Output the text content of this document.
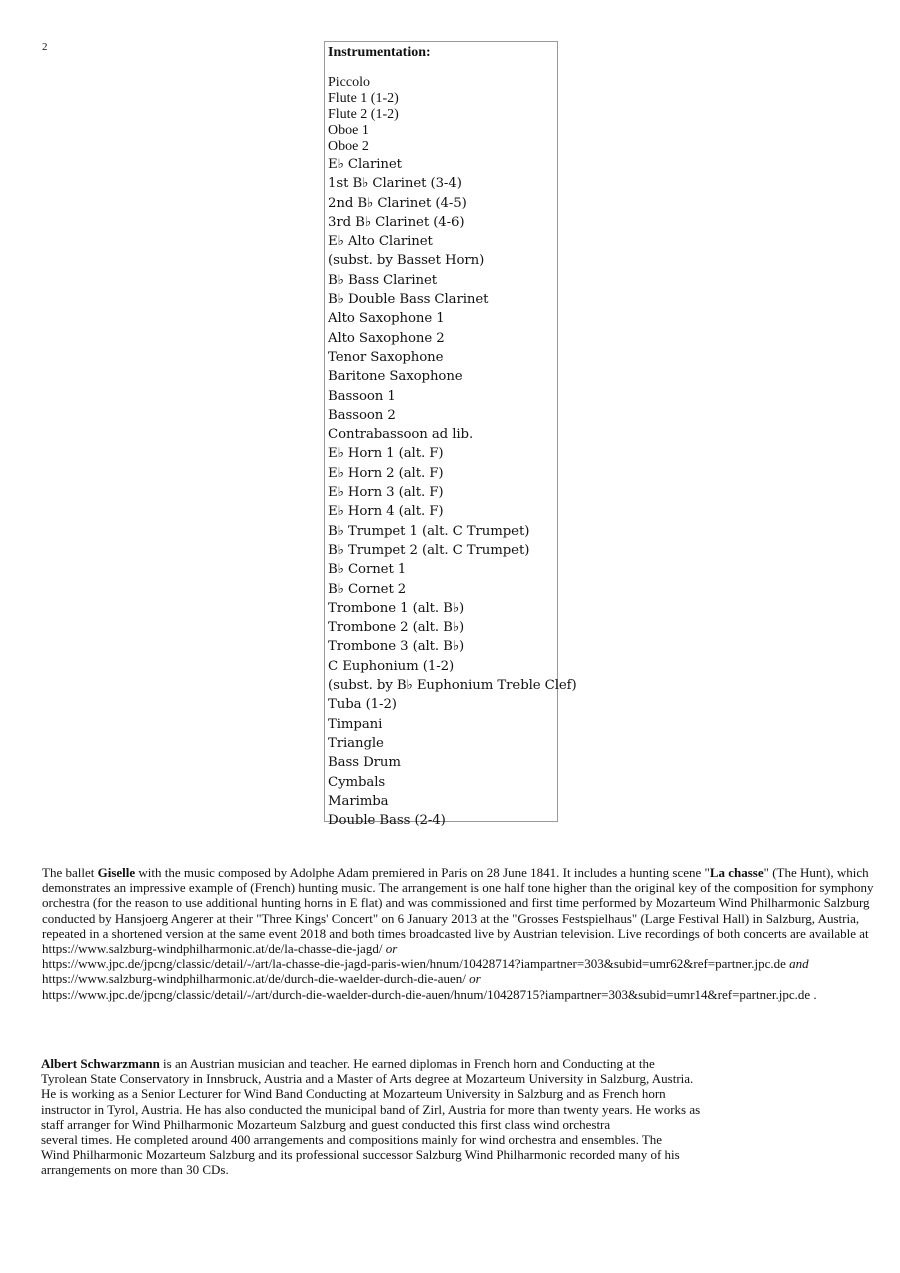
2	Instrumentation:
Piccolo
Flute 1 (1-2)
Flute 2 (1-2)
Oboe 1
Oboe 2
E♭ Clarinet
1st B♭ Clarinet (3-4)
2nd B♭ Clarinet (4-5)
3rd B♭ Clarinet (4-6)
E♭ Alto Clarinet
(subst. by Basset Horn)
B♭ Bass Clarinet
B♭ Double Bass Clarinet
Alto Saxophone 1
Alto Saxophone 2
Tenor Saxophone
Baritone Saxophone
Bassoon 1
Bassoon 2
Contrabassoon ad lib.
E♭ Horn 1 (alt. F)
E♭ Horn 2 (alt. F)
E♭ Horn 3 (alt. F)
E♭ Horn 4 (alt. F)
B♭ Trumpet 1 (alt. C Trumpet)
B♭ Trumpet 2 (alt. C Trumpet)
B♭ Cornet 1
B♭ Cornet 2
Trombone 1 (alt. B♭)
Trombone 2 (alt. B♭)
Trombone 3 (alt. B♭)
C Euphonium (1-2)
(subst. by B♭ Euphonium Treble Clef)
Tuba (1-2)
Timpani
Triangle
Bass Drum
Cymbals
Marimba
Double Bass (2-4)
The ballet Giselle with the music composed by Adolphe Adam premiered in Paris on 28 June 1841. It includes a hunting scene "La chasse" (The Hunt), which
demonstrates an impressive example of (French) hunting music. The arrangement is one half tone higher than the original key of the composition for symphony
orchestra (for the reason to use additional hunting horns in E flat) and was commissioned and first time performed by Mozarteum Wind Philharmonic Salzburg
conducted by Hansjoerg Angerer at their "Three Kings' Concert" on 6 January 2013 at the "Grosses Festspielhaus" (Large Festival Hall) in Salzburg, Austria,
repeated in a shortened version at the same event 2018 and both times broadcasted live by Austrian television. Live recordings of both concerts are available at
https://www.salzburg-windphilharmonic.at/de/la-chasse-die-jagd/ or
https://www.jpc.de/jpcng/classic/detail/-/art/la-chasse-die-jagd-paris-wien/hnum/10428714?iampartner=303&subid=umr62&ref=partner.jpc.de and
https://www.salzburg-windphilharmonic.at/de/durch-die-waelder-durch-die-auen/ or
https://www.jpc.de/jpcng/classic/detail/-/art/durch-die-waelder-durch-die-auen/hnum/10428715?iampartner=303&subid=umr14&ref=partner.jpc.de .
Albert Schwarzmann is an Austrian musician and teacher. He earned diplomas in French horn and Conducting at the
Tyrolean State Conservatory in Innsbruck, Austria and a Master of Arts degree at Mozarteum University in Salzburg, Austria.
He is working as a Senior Lecturer for Wind Band Conducting at Mozarteum University in Salzburg and as French horn
instructor in Tyrol, Austria. He has also conducted the municipal band of Zirl, Austria for more than twenty years. He works as
staff arranger for Wind Philharmonic Mozarteum Salzburg and guest conducted this first class wind orchestra
several times. He completed around 400 arrangements and compositions mainly for wind orchestra and ensembles. The
Wind Philharmonic Mozarteum Salzburg and its professional successor Salzburg Wind Philharmonic recorded many of his
arrangements on more than 30 CDs.
